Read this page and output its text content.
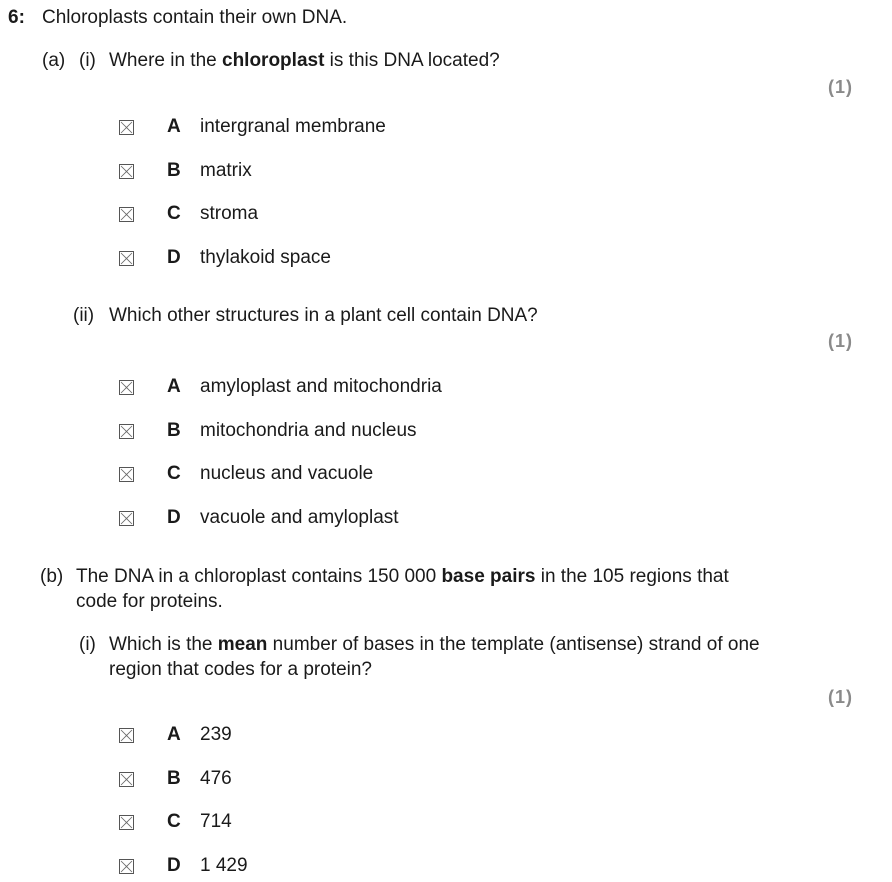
6: Chloroplasts contain their own DNA.
(a) (i) Where in the chloroplast is this DNA located?
(1)
A intergranal membrane
B matrix
C stroma
D thylakoid space
(ii) Which other structures in a plant cell contain DNA?
(1)
A amyloplast and mitochondria
B mitochondria and nucleus
C nucleus and vacuole
D vacuole and amyloplast
(b) The DNA in a chloroplast contains 150 000 base pairs in the 105 regions that
code for proteins.
(i) Which is the mean number of bases in the template (antisense) strand of one
region that codes for a protein?
(1)
A 239
B 476
C 714
D 1 429
